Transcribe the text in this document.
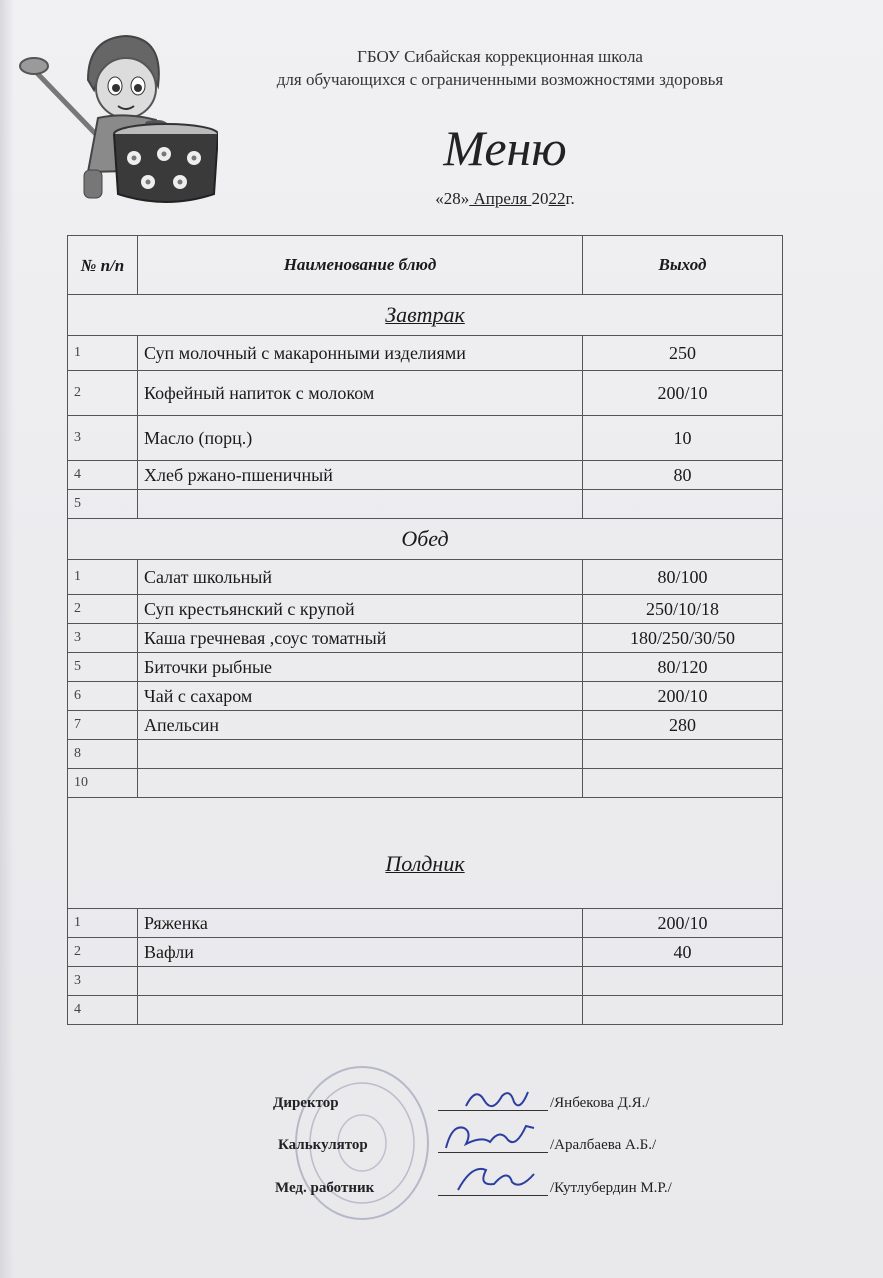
ГБОУ Сибайская коррекционная школа
для обучающихся с ограниченными возможностями здоровья
Меню
«28» Апреля 2022г.
№ п/п	Наименование блюд	Выход
Завтрак		
1	Суп молочный с макаронными изделиями	250
2	Кофейный напиток с молоком	200/10
3	Масло (порц.)	10
4	Хлеб ржано-пшеничный	80
5		
Обед		
1	Салат школьный	80/100
2	Суп крестьянский с крупой	250/10/18
3	Каша гречневая ,соус томатный	180/250/30/50
5	Биточки рыбные	80/120
6	Чай с сахаром	200/10
7	Апельсин	280
8		
10		
Полдник		
1	Ряженка	200/10
2	Вафли	40
3		
4		
Директор	/Янбекова Д.Я./
Калькулятор	/Аралбаева А.Б./
Мед. работник	/Кутлубердин М.Р./
